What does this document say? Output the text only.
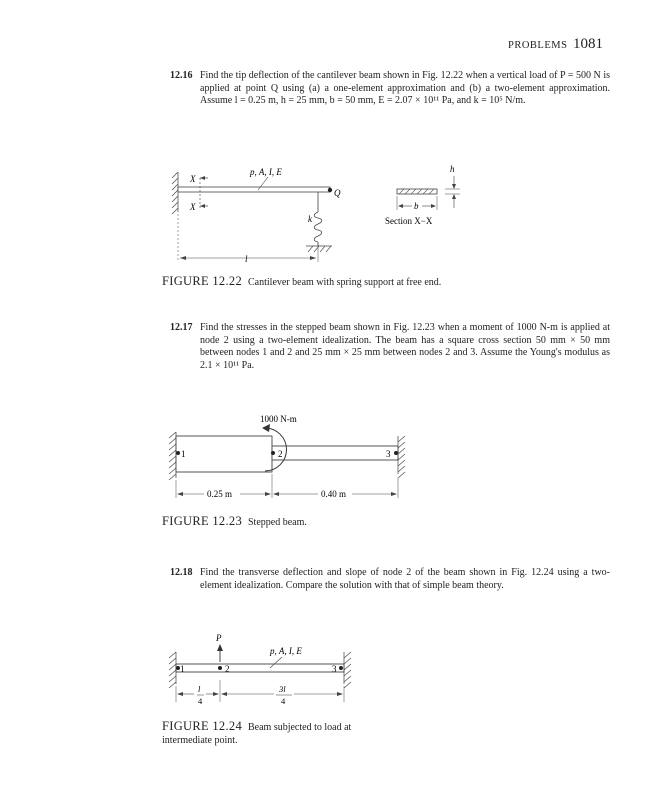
PROBLEMS 1081
12.16 Find the tip deflection of the cantilever beam shown in Fig. 12.22 when a vertical load of P = 500 N is applied at point Q using (a) a one-element approximation and (b) a two-element approximation. Assume l = 0.25 m, h = 25 mm, b = 50 mm, E = 2.07 × 10¹¹ Pa, and k = 10⁵ N/m.
X
X
p, A, I, E
Q
k
l
h
b
Section X−X
FIGURE 12.22 Cantilever beam with spring support at free end.
12.17 Find the stresses in the stepped beam shown in Fig. 12.23 when a moment of 1000 N-m is applied at node 2 using a two-element idealization. The beam has a square cross section 50 mm × 50 mm between nodes 1 and 2 and 25 mm × 25 mm between nodes 2 and 3. Assume the Young's modulus as 2.1 × 10¹¹ Pa.
1000 N-m
1	2	3
0.25 m	0.40 m
FIGURE 12.23 Stepped beam.
12.18 Find the transverse deflection and slope of node 2 of the beam shown in Fig. 12.24 using a two-element idealization. Compare the solution with that of simple beam theory.
P
p, A, I, E
1	2	3
l
4
3l
4
FIGURE 12.24 Beam subjected to load at intermediate point.
